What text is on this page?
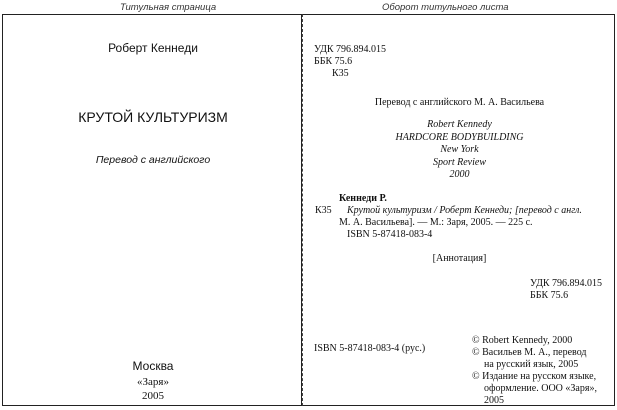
Титульная страница	Оборот титульного листа
Роберт Кеннеди
КРУТОЙ КУЛЬТУРИЗМ
Перевод с английского
Москва
«Заря»
2005
УДК 796.894.015
ББК 75.6
К35
Перевод с английского М. А. Васильева
Robert Kennedy
HARDCORE BODYBUILDING
New York
Sport Review
2000
Кеннеди Р.
К35 Крутой культуризм / Роберт Кеннеди; [перевод с англ.
М. А. Васильева]. — М.: Заря, 2005. — 225 с.
ISBN 5-87418-083-4
[Аннотация]
УДК 796.894.015
ББК 75.6
ISBN 5-87418-083-4 (рус.)
© Robert Kennedy, 2000
© Васильев М. А., перевод
на русский язык, 2005
© Издание на русском языке,
оформление. ООО «Заря», 2005
